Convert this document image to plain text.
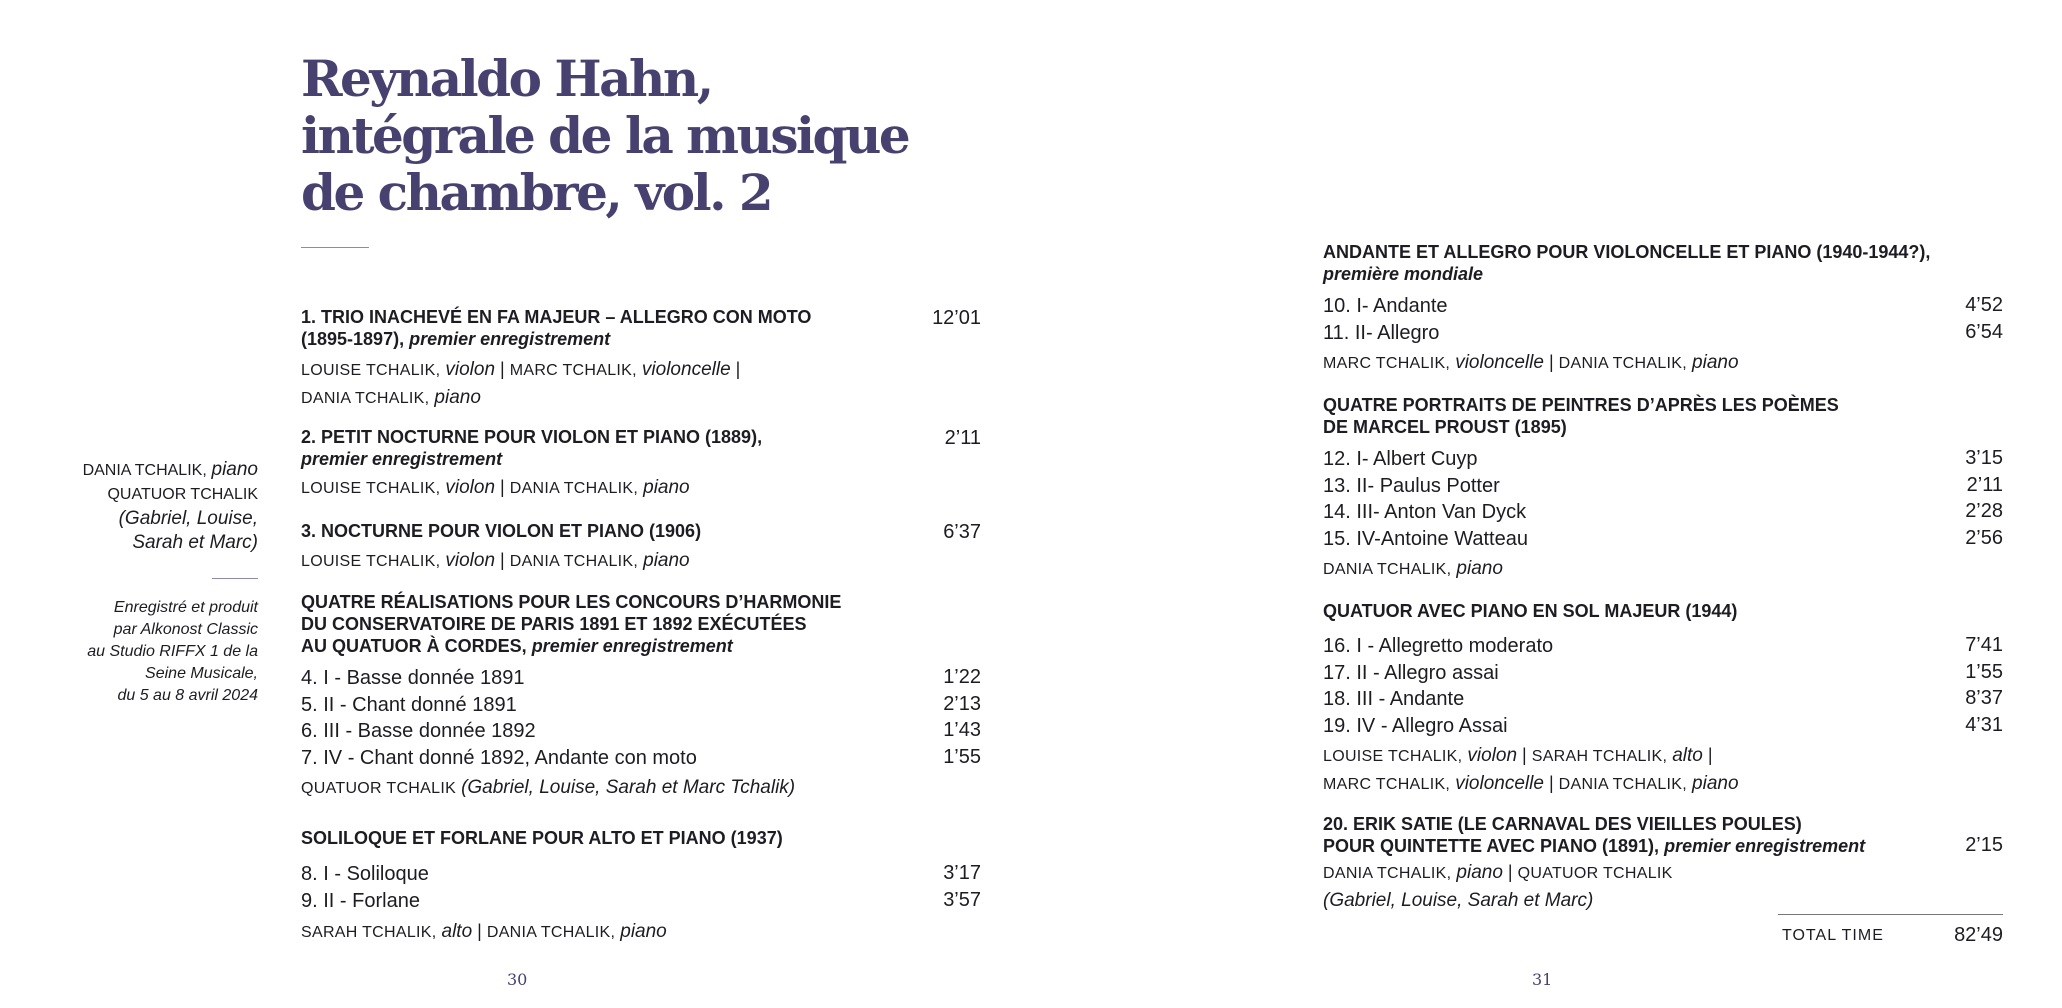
Reynaldo Hahn,
intégrale de la musique
de chambre, vol. 2
DANIA TCHALIK, piano
QUATUOR TCHALIK
(Gabriel, Louise,
Sarah et Marc)
Enregistré et produit
par Alkonost Classic
au Studio RIFFX 1 de la
Seine Musicale,
du 5 au 8 avril 2024
1. TRIO INACHEVÉ EN FA MAJEUR – ALLEGRO CON MOTO
(1895-1897), premier enregistrement
12’01
LOUISE TCHALIK, violon | MARC TCHALIK, violoncelle |
DANIA TCHALIK, piano
2. PETIT NOCTURNE POUR VIOLON ET PIANO (1889),
premier enregistrement
2’11
LOUISE TCHALIK, violon | DANIA TCHALIK, piano
3. NOCTURNE POUR VIOLON ET PIANO (1906)	6’37
LOUISE TCHALIK, violon | DANIA TCHALIK, piano
QUATRE RÉALISATIONS POUR LES CONCOURS D’HARMONIE
DU CONSERVATOIRE DE PARIS 1891 ET 1892 EXÉCUTÉES
AU QUATUOR À CORDES, premier enregistrement
4. I - Basse donnée 1891	1’22
5. II - Chant donné 1891	2’13
6. III - Basse donnée 1892	1’43
7. IV - Chant donné 1892, Andante con moto	1’55
QUATUOR TCHALIK (Gabriel, Louise, Sarah et Marc Tchalik)
SOLILOQUE ET FORLANE POUR ALTO ET PIANO (1937)
8. I - Soliloque	3’17
9. II - Forlane	3’57
SARAH TCHALIK, alto | DANIA TCHALIK, piano
30
ANDANTE ET ALLEGRO POUR VIOLONCELLE ET PIANO (1940-1944?),
première mondiale
10. I- Andante	4’52
11. II- Allegro	6’54
MARC TCHALIK, violoncelle | DANIA TCHALIK, piano
QUATRE PORTRAITS DE PEINTRES D’APRÈS LES POÈMES
DE MARCEL PROUST (1895)
12. I- Albert Cuyp	3’15
13. II- Paulus Potter	2’11
14. III- Anton Van Dyck	2’28
15. IV-Antoine Watteau	2’56
DANIA TCHALIK, piano
QUATUOR AVEC PIANO EN SOL MAJEUR (1944)
16. I - Allegretto moderato	7’41
17. II - Allegro assai	1’55
18. III - Andante	8’37
19. IV - Allegro Assai	4’31
LOUISE TCHALIK, violon | SARAH TCHALIK, alto |
MARC TCHALIK, violoncelle | DANIA TCHALIK, piano
20. ERIK SATIE (LE CARNAVAL DES VIEILLES POULES)
POUR QUINTETTE AVEC PIANO (1891), premier enregistrement	2’15
DANIA TCHALIK, piano | QUATUOR TCHALIK
(Gabriel, Louise, Sarah et Marc)
TOTAL TIME	82’49
31
